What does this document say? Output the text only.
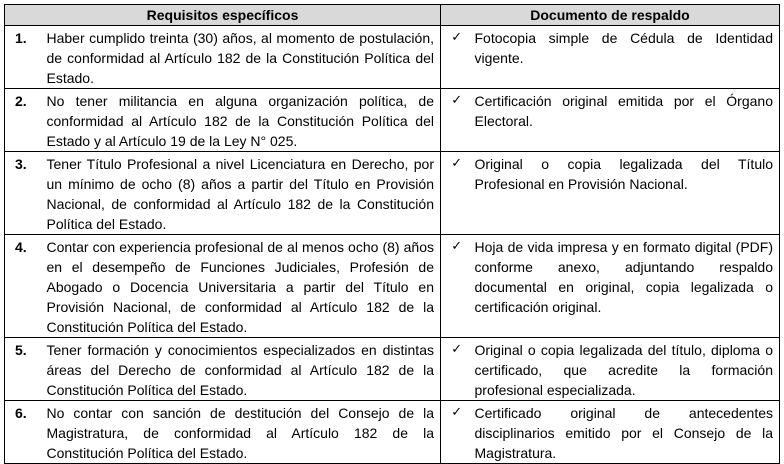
Requisitos específicos		Documento de respaldo	
1.	Haber cumplido treinta (30) años, al momento de postulación, de conformidad al Artículo 182 de la Constitución Política del Estado.	✓	Fotocopia simple de Cédula de Identidad vigente.
2.	No tener militancia en alguna organización política, de conformidad al Artículo 182 de la Constitución Política del Estado y al Artículo 19 de la Ley N° 025.	✓	Certificación original emitida por el Órgano Electoral.
3.	Tener Título Profesional a nivel Licenciatura en Derecho, por un mínimo de ocho (8) años a partir del Título en Provisión Nacional, de conformidad al Artículo 182 de la Constitución Política del Estado.	✓	Original o copia legalizada del Título Profesional en Provisión Nacional.
4.	Contar con experiencia profesional de al menos ocho (8) años en el desempeño de Funciones Judiciales, Profesión de Abogado o Docencia Universitaria a partir del Título en Provisión Nacional, de conformidad al Artículo 182 de la Constitución Política del Estado.	✓	Hoja de vida impresa y en formato digital (PDF) conforme anexo, adjuntando respaldo documental en original, copia legalizada o certificación original.
5.	Tener formación y conocimientos especializados en distintas áreas del Derecho de conformidad al Artículo 182 de la Constitución Política del Estado.	✓	Original o copia legalizada del título, diploma o certificado, que acredite la formación profesional especializada.
6.	No contar con sanción de destitución del Consejo de la Magistratura, de conformidad al Artículo 182 de la Constitución Política del Estado.	✓	Certificado original de antecedentes disciplinarios emitido por el Consejo de la Magistratura.
